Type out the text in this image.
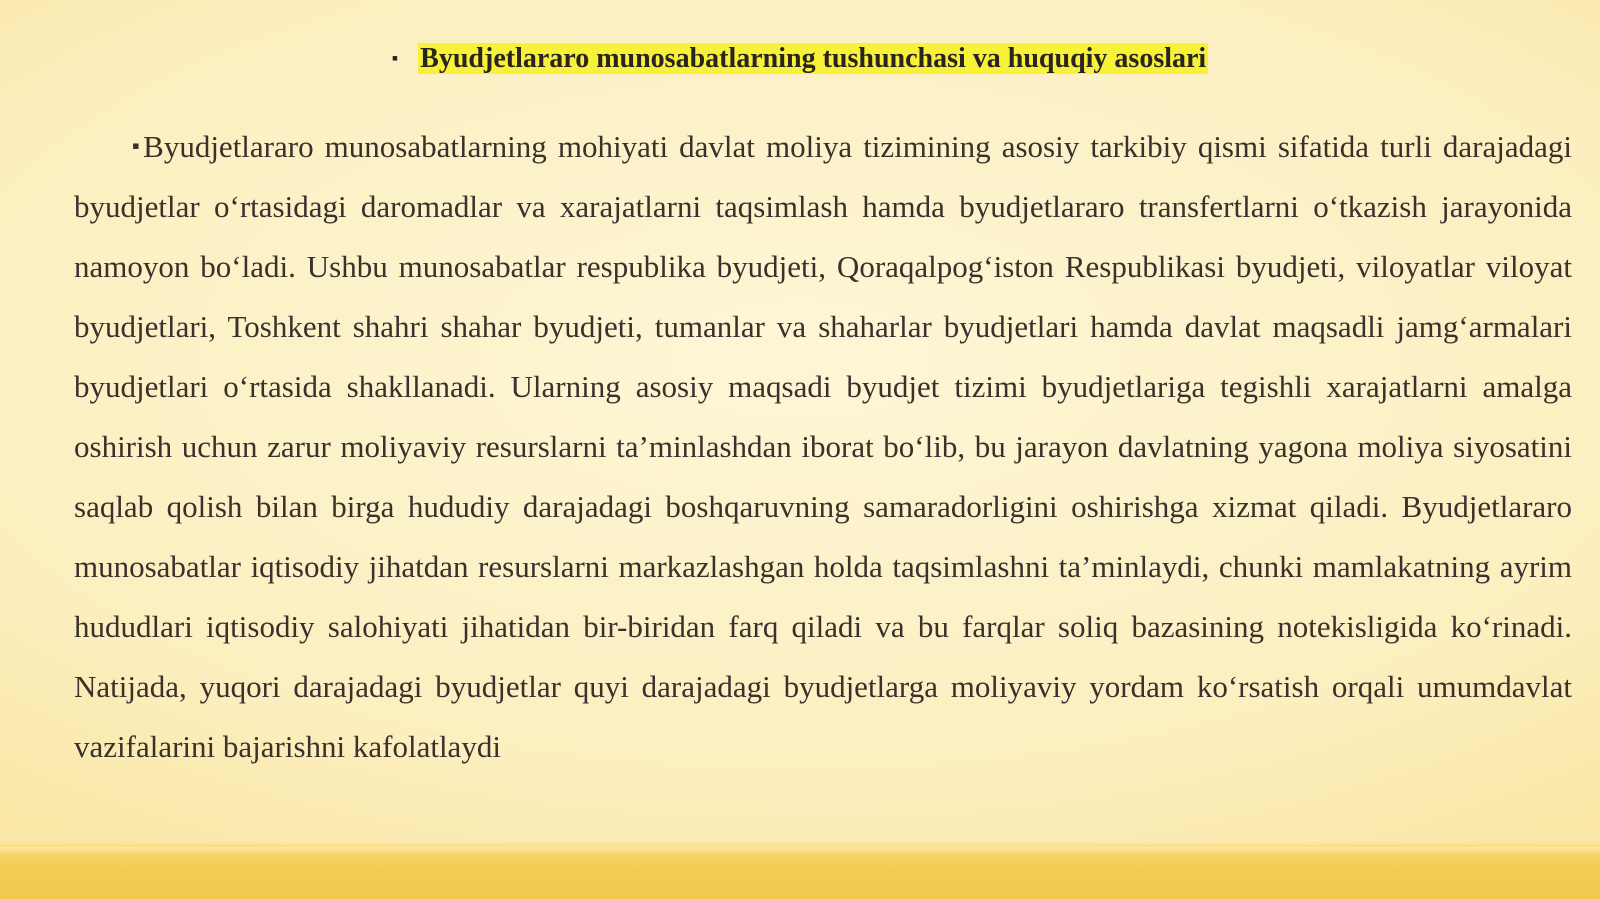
▪ Byudjetlararo munosabatlarning tushunchasi va huquqiy asoslari
▪Byudjetlararo munosabatlarning mohiyati davlat moliya tizimining asosiy tarkibiy qismi sifatida turli darajadagi byudjetlar o‘rtasidagi daromadlar va xarajatlarni taqsimlash hamda byudjetlararo transfertlarni o‘tkazish jarayonida namoyon bo‘ladi. Ushbu munosabatlar respublika byudjeti, Qoraqalpog‘iston Respublikasi byudjeti, viloyatlar viloyat byudjetlari, Toshkent shahri shahar byudjeti, tumanlar va shaharlar byudjetlari hamda davlat maqsadli jamg‘armalari byudjetlari o‘rtasida shakllanadi. Ularning asosiy maqsadi byudjet tizimi byudjetlariga tegishli xarajatlarni amalga oshirish uchun zarur moliyaviy resurslarni ta’minlashdan iborat bo‘lib, bu jarayon davlatning yagona moliya siyosatini saqlab qolish bilan birga hududiy darajadagi boshqaruvning samaradorligini oshirishga xizmat qiladi. Byudjetlararo munosabatlar iqtisodiy jihatdan resurslarni markazlashgan holda taqsimlashni ta’minlaydi, chunki mamlakatning ayrim hududlari iqtisodiy salohiyati jihatidan bir-biridan farq qiladi va bu farqlar soliq bazasining notekisligida ko‘rinadi. Natijada, yuqori darajadagi byudjetlar quyi darajadagi byudjetlarga moliyaviy yordam ko‘rsatish orqali umumdavlat vazifalarini bajarishni kafolatlaydi
